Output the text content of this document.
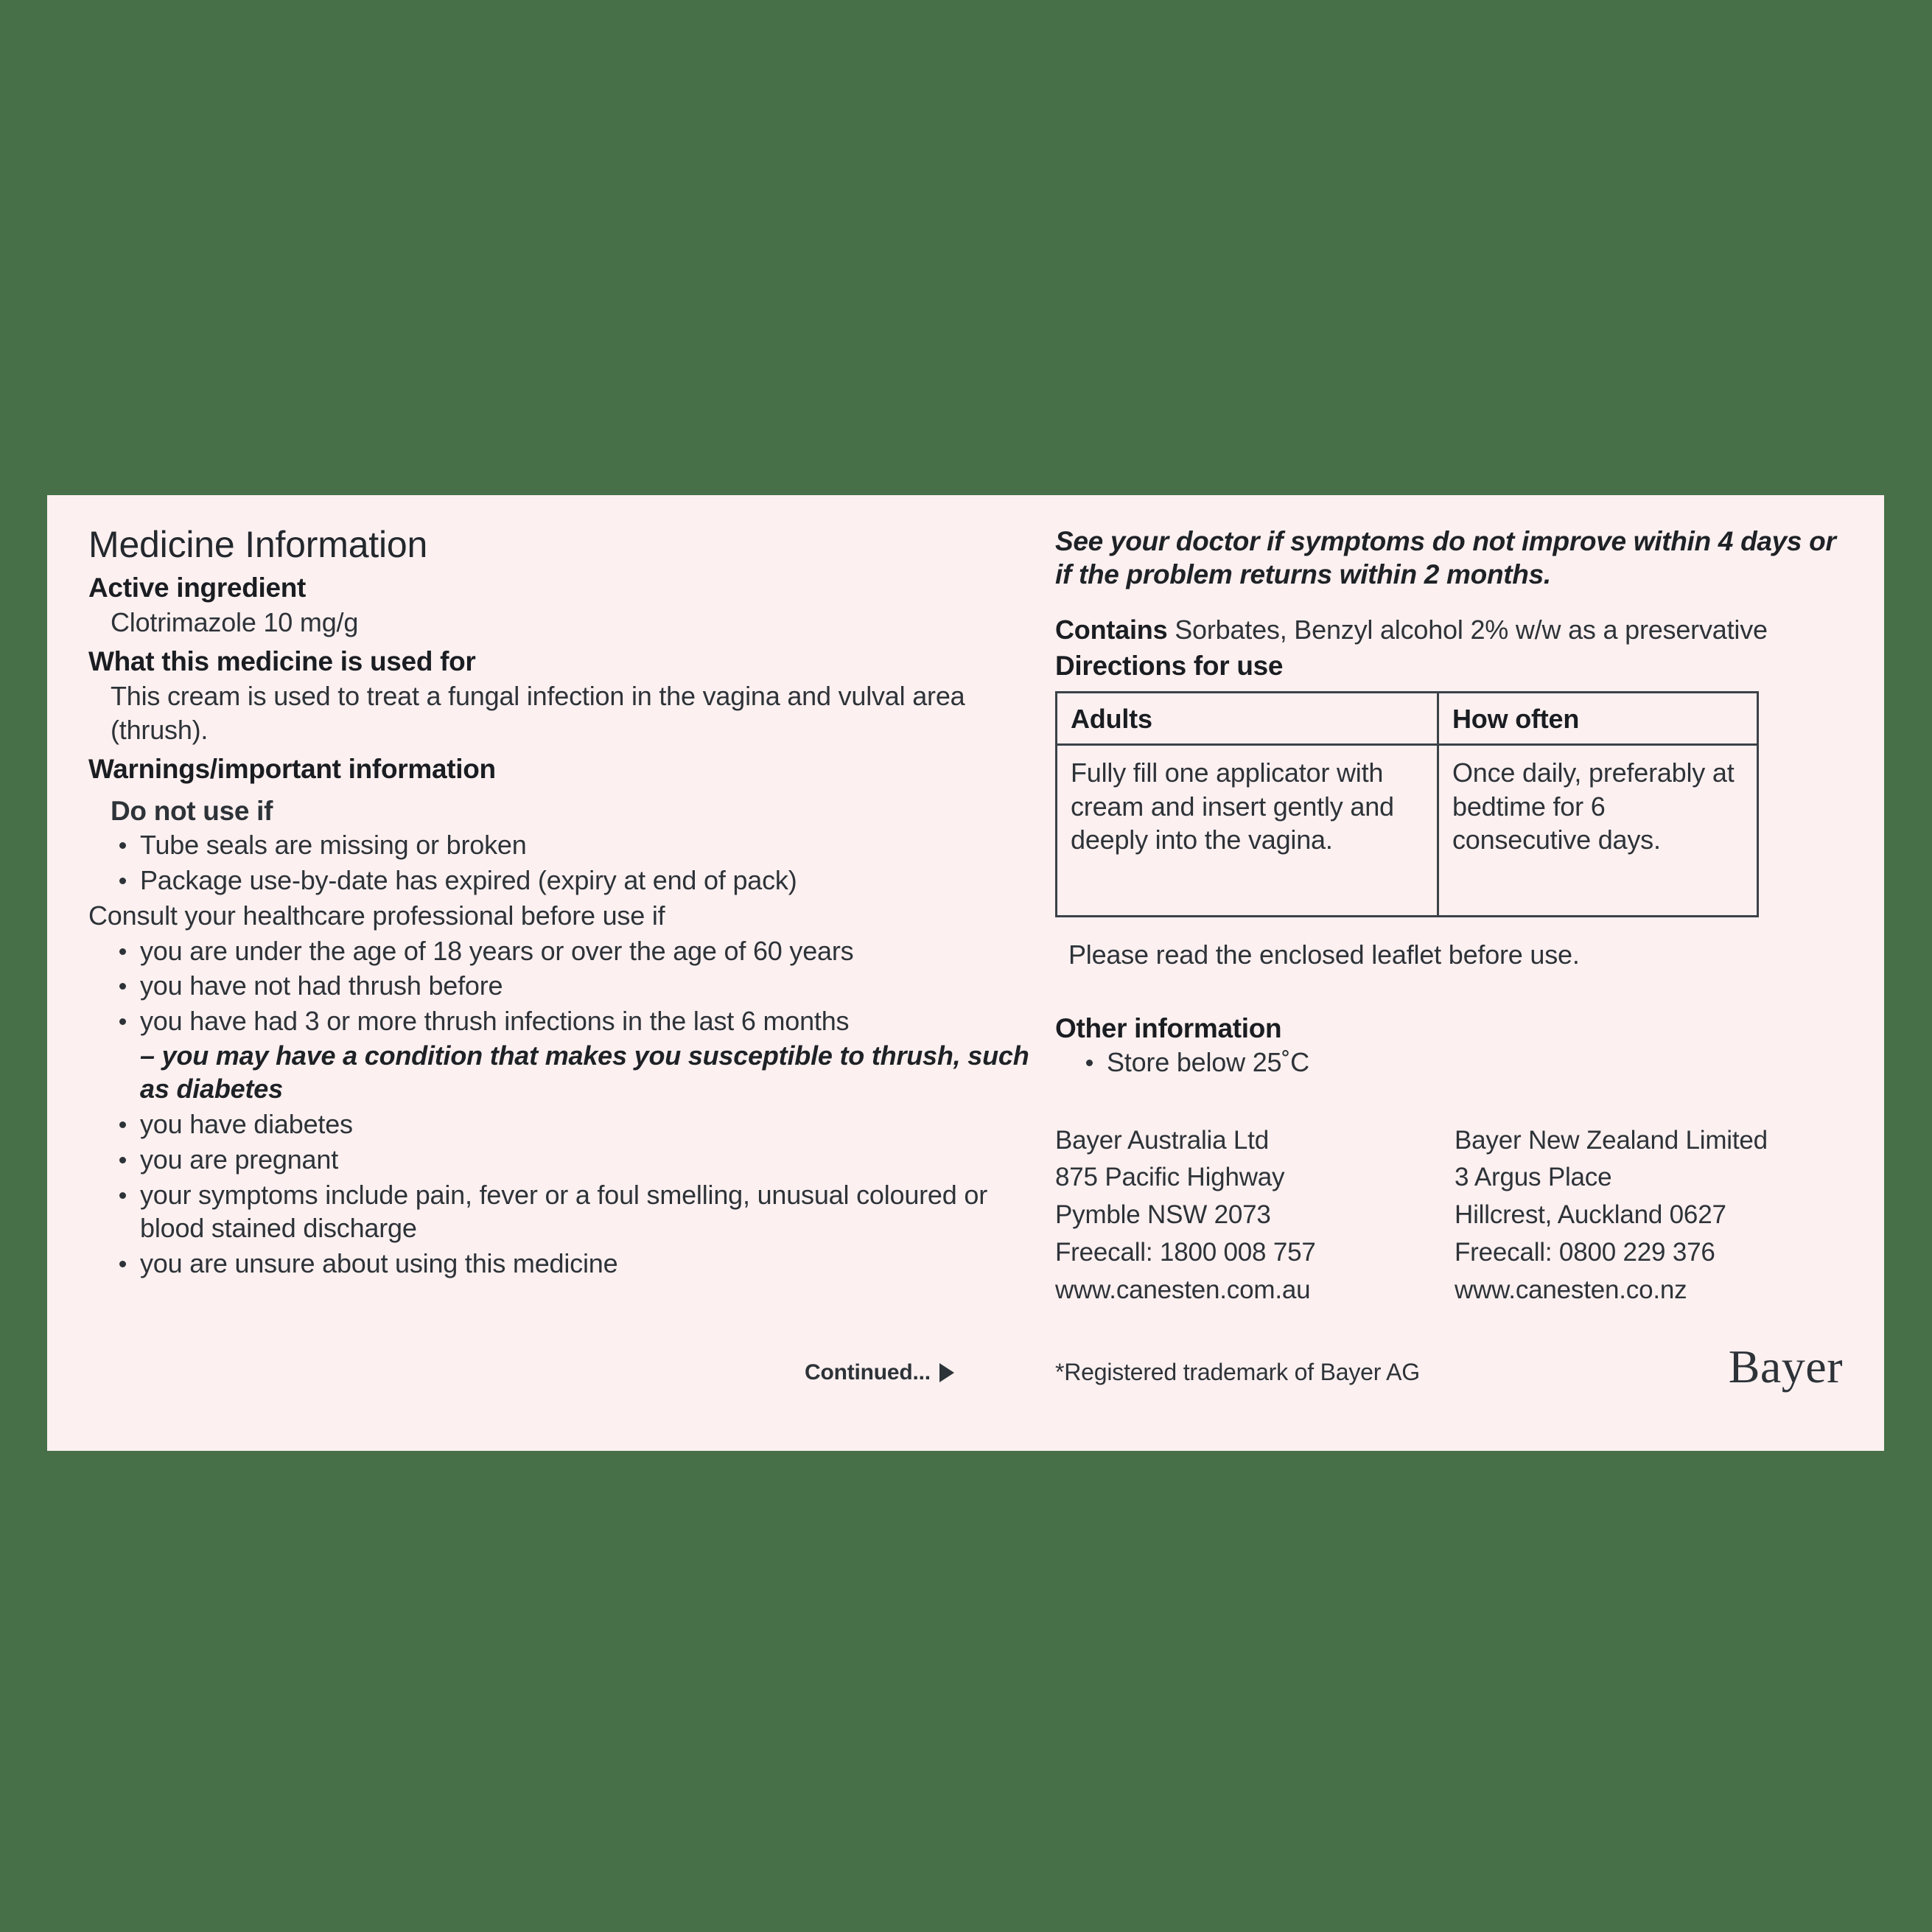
Medicine Information
Active ingredient

Clotrimazole 10 mg/g

What this medicine is used for

This cream is used to treat a fungal infection in the vagina and vulval area (thrush).

Warnings/important information
Do not use if
Tube seals are missing or broken
Package use-by-date has expired (expiry at end of pack)

Consult your healthcare professional before use if

you are under the age of 18 years or over the age of 60 years
you have not had thrush before
you have had 3 or more thrush infections in the last 6 months
– you may have a condition that makes you susceptible to thrush, such as diabetes
you have diabetes
you are pregnant
your symptoms include pain, fever or a foul smelling, unusual coloured or blood stained discharge
you are unsure about using this medicine

See your doctor if symptoms do not improve within 4 days or if the problem returns within 2 months.

Contains Sorbates, Benzyl alcohol 2% w/w as a preservative

Directions for use
Adults	How often
Fully fill one applicator with cream and insert gently and deeply into the vagina.	Once daily, preferably at bedtime for 6 consecutive days.

Please read the enclosed leaflet before use.

Other information
Store below 25˚C
Bayer Australia Ltd
875 Pacific Highway
Pymble NSW 2073
Freecall: 1800 008 757
www.canesten.com.au
Bayer New Zealand Limited
3 Argus Place
Hillcrest, Auckland 0627
Freecall: 0800 229 376
www.canesten.co.nz
Continued...	*Registered trademark of Bayer AG	Bayer
